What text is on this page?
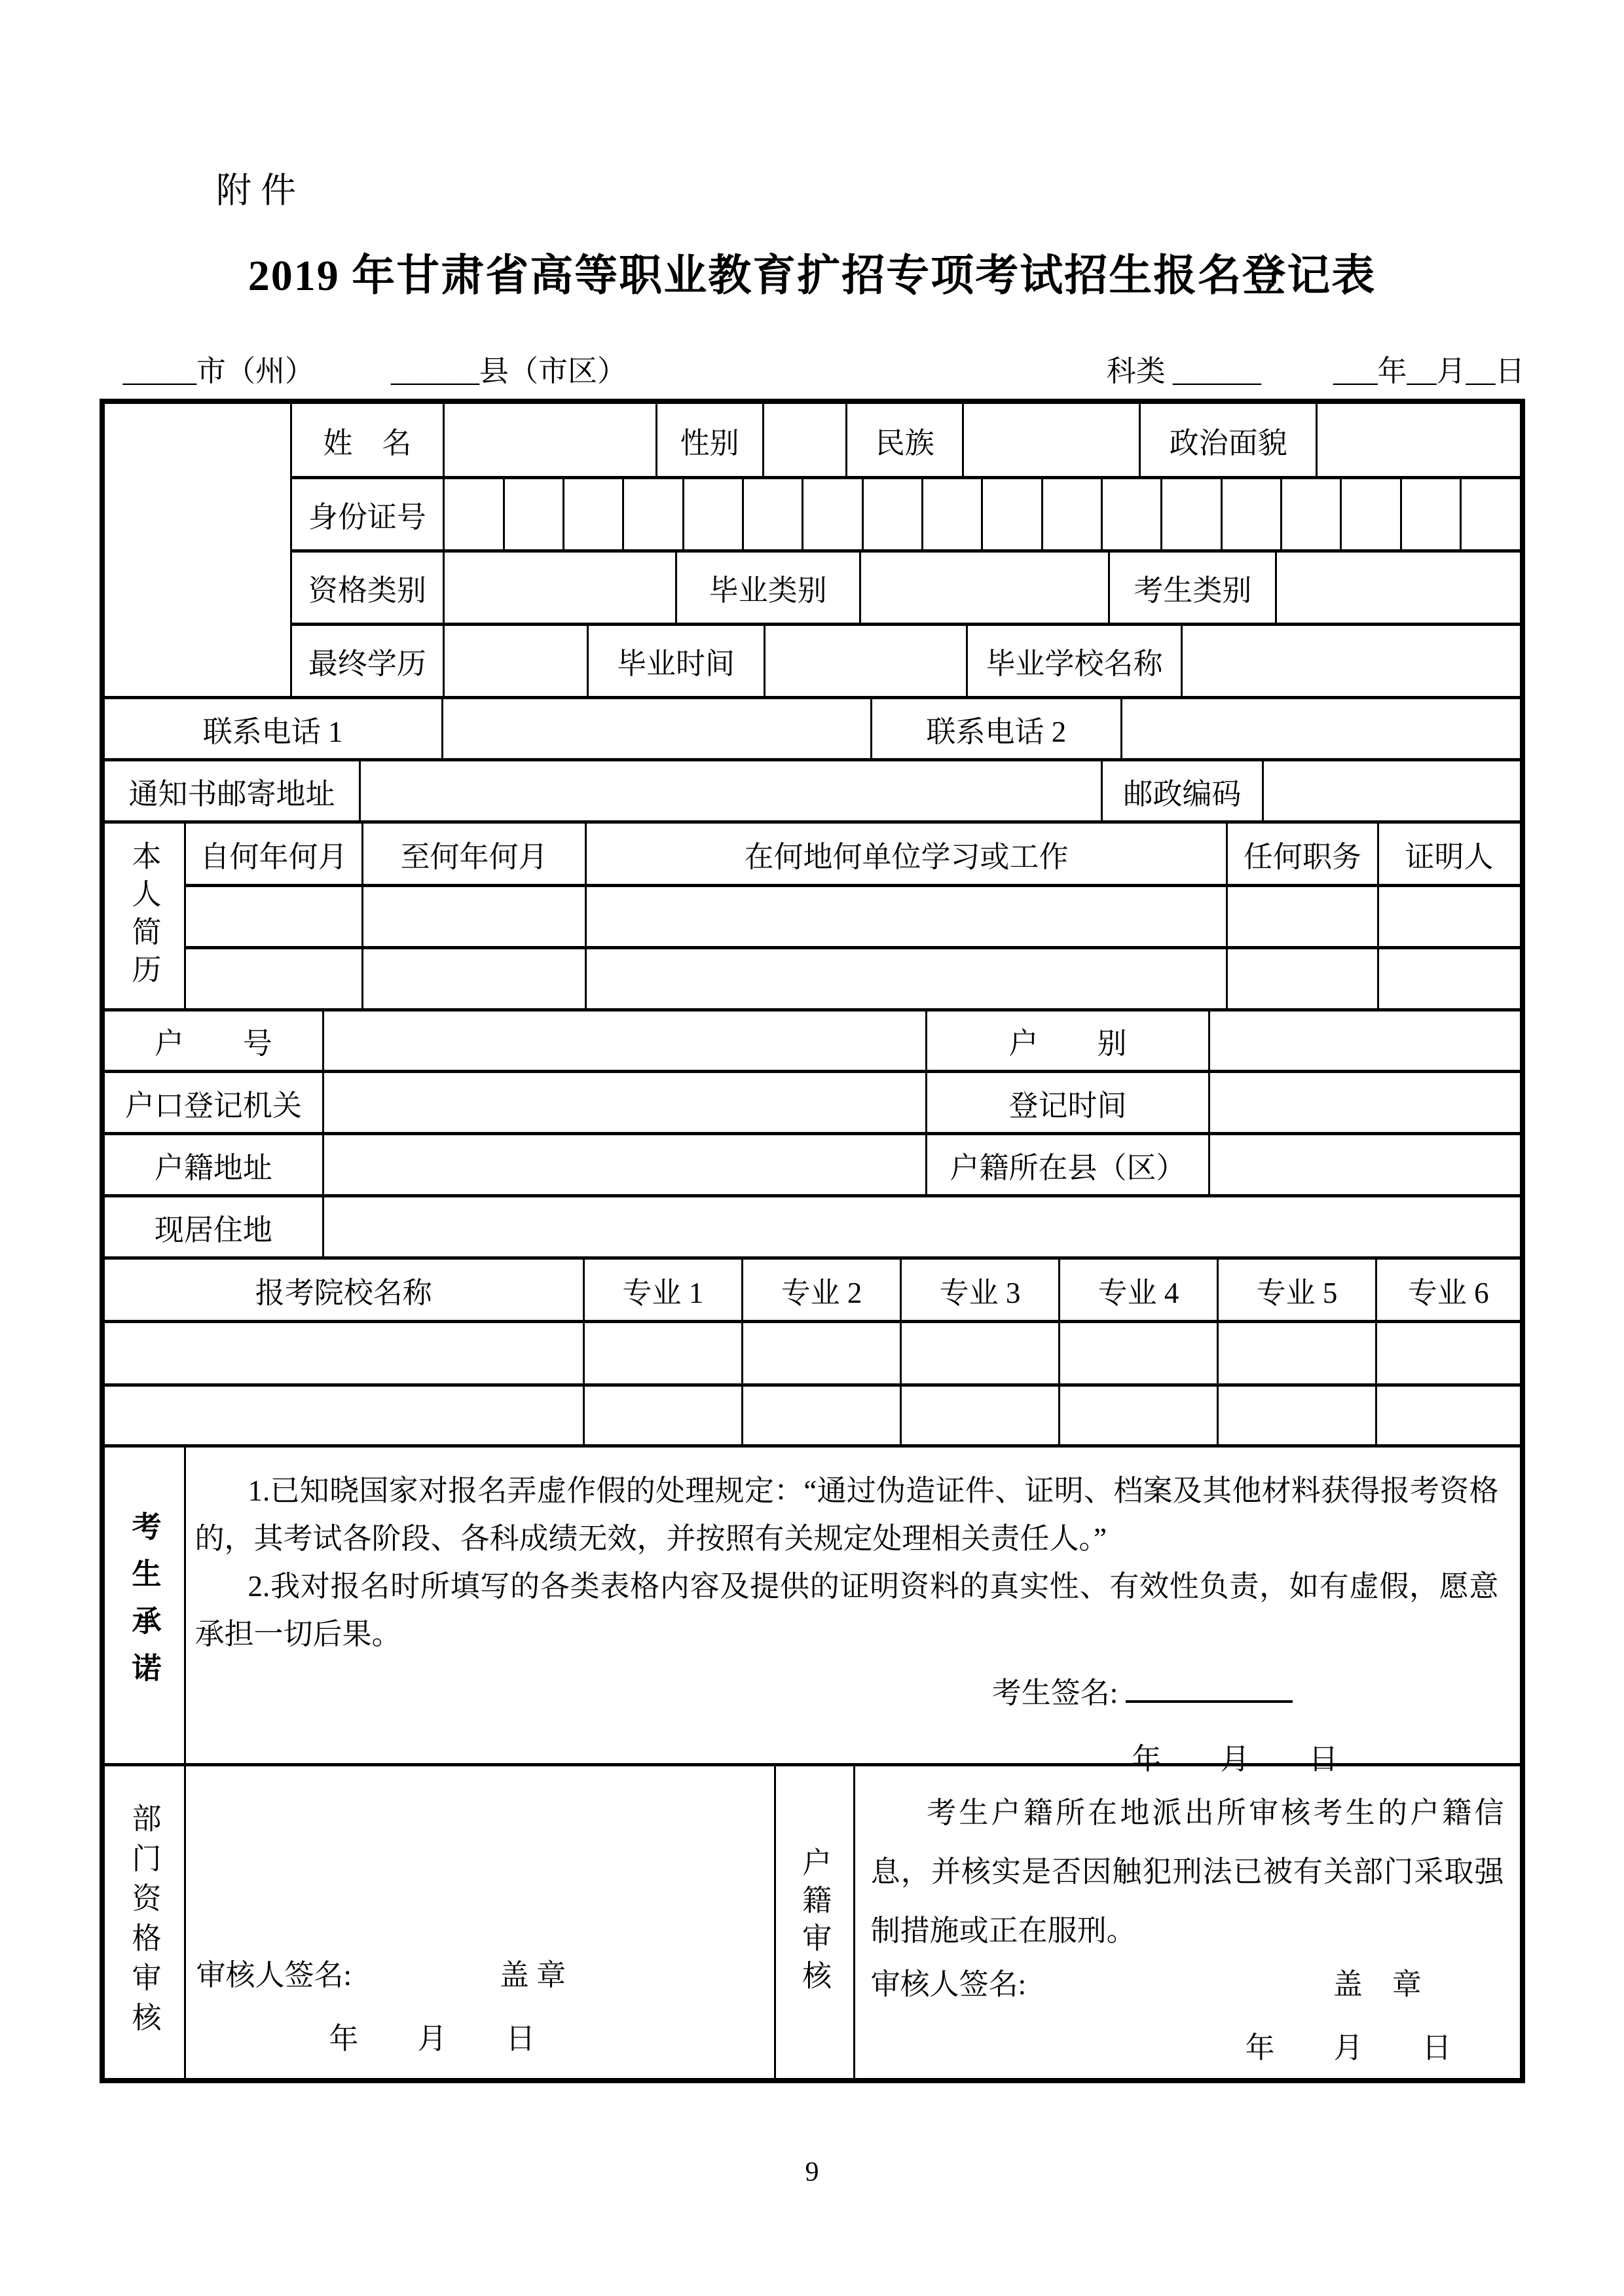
附件
2019 年甘肃省高等职业教育扩招专项考试招生报名登记表
_____市（州）	______县（市区）	科类 ______ ___年__月__日
姓　名	性别	民族	政治面貌
身份证号
资格类别	毕业类别	考生类别
最终学历	毕业时间	毕业学校名称
联系电话 1	联系电话 2
通知书邮寄地址	邮政编码
本人简历	自何年何月	至何年何月	在何地何单位学习或工作	任何职务	证明人
户　　号	户　　别
户口登记机关	登记时间
户籍地址	户籍所在县（区）
现居住地
报考院校名称	专业 1	专业 2	专业 3	专业 4	专业 5	专业 6
考生承诺

1.已知晓国家对报名弄虚作假的处理规定：“通过伪造证件、证明、档案及其他材料获得报考资格的，其考试各阶段、各科成绩无效，并按照有关规定处理相关责任人。”

2.我对报名时所填写的各类表格内容及提供的证明资料的真实性、有效性负责，如有虚假，愿意承担一切后果。

考生签名:
年　　月　　日
部门资格审核	审核人签名:	盖 章
年　　月　　日
户籍审核

考生户籍所在地派出所审核考生的户籍信息，并核实是否因触犯刑法已被有关部门采取强制措施或正在服刑。

审核人签名:	盖　章
年　　月　　日
9
